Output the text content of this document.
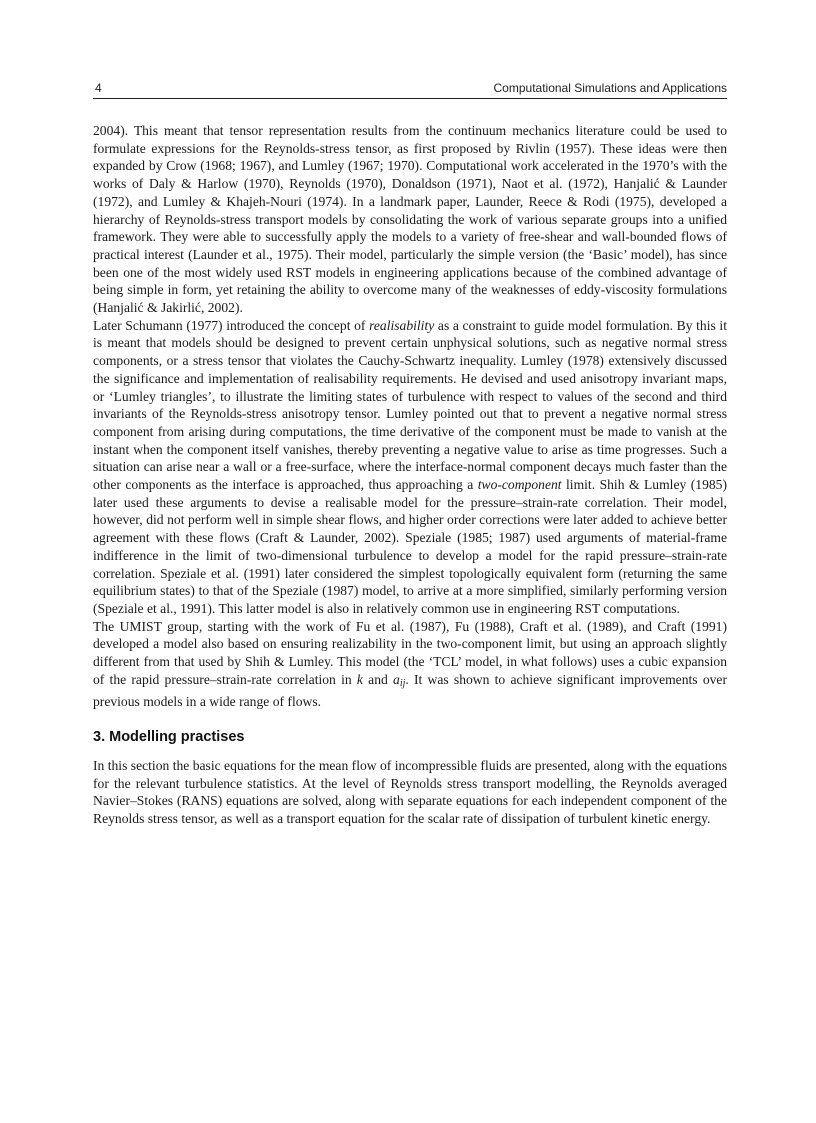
4	Computational Simulations and Applications

2004). This meant that tensor representation results from the continuum mechanics literature could be used to formulate expressions for the Reynolds-stress tensor, as first proposed by Rivlin (1957). These ideas were then expanded by Crow (1968; 1967), and Lumley (1967; 1970). Computational work accelerated in the 1970’s with the works of Daly & Harlow (1970), Reynolds (1970), Donaldson (1971), Naot et al. (1972), Hanjalić & Launder (1972), and Lumley & Khajeh-Nouri (1974). In a landmark paper, Launder, Reece & Rodi (1975), developed a hierarchy of Reynolds-stress transport models by consolidating the work of various separate groups into a unified framework. They were able to successfully apply the models to a variety of free-shear and wall-bounded flows of practical interest (Launder et al., 1975). Their model, particularly the simple version (the ‘Basic’ model), has since been one of the most widely used RST models in engineering applications because of the combined advantage of being simple in form, yet retaining the ability to overcome many of the weaknesses of eddy-viscosity formulations (Hanjalić & Jakirlić, 2002).

Later Schumann (1977) introduced the concept of realisability as a constraint to guide model formulation. By this it is meant that models should be designed to prevent certain unphysical solutions, such as negative normal stress components, or a stress tensor that violates the Cauchy-Schwartz inequality. Lumley (1978) extensively discussed the significance and implementation of realisability requirements. He devised and used anisotropy invariant maps, or ‘Lumley triangles’, to illustrate the limiting states of turbulence with respect to values of the second and third invariants of the Reynolds-stress anisotropy tensor. Lumley pointed out that to prevent a negative normal stress component from arising during computations, the time derivative of the component must be made to vanish at the instant when the component itself vanishes, thereby preventing a negative value to arise as time progresses. Such a situation can arise near a wall or a free-surface, where the interface-normal component decays much faster than the other components as the interface is approached, thus approaching a two-component limit. Shih & Lumley (1985) later used these arguments to devise a realisable model for the pressure–strain-rate correlation. Their model, however, did not perform well in simple shear flows, and higher order corrections were later added to achieve better agreement with these flows (Craft & Launder, 2002). Speziale (1985; 1987) used arguments of material-frame indifference in the limit of two-dimensional turbulence to develop a model for the rapid pressure–strain-rate correlation. Speziale et al. (1991) later considered the simplest topologically equivalent form (returning the same equilibrium states) to that of the Speziale (1987) model, to arrive at a more simplified, similarly performing version (Speziale et al., 1991). This latter model is also in relatively common use in engineering RST computations.

The UMIST group, starting with the work of Fu et al. (1987), Fu (1988), Craft et al. (1989), and Craft (1991) developed a model also based on ensuring realizability in the two-component limit, but using an approach slightly different from that used by Shih & Lumley. This model (the ‘TCL’ model, in what follows) uses a cubic expansion of the rapid pressure–strain-rate correlation in k and $a_{ij}$. It was shown to achieve significant improvements over previous models in a wide range of flows.

3. Modelling practises

In this section the basic equations for the mean flow of incompressible fluids are presented, along with the equations for the relevant turbulence statistics. At the level of Reynolds stress transport modelling, the Reynolds averaged Navier–Stokes (RANS) equations are solved, along with separate equations for each independent component of the Reynolds stress tensor, as well as a transport equation for the scalar rate of dissipation of turbulent kinetic energy.
